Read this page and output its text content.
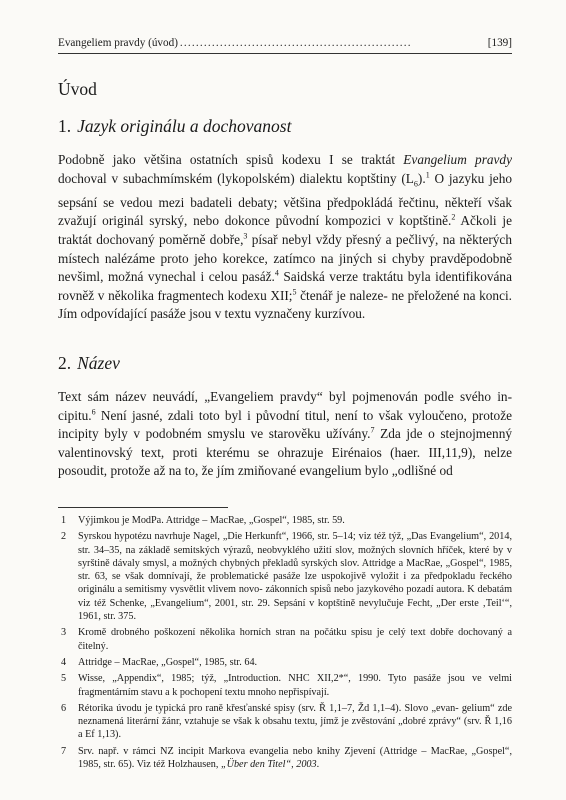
Evangeliem pravdy (úvod) ..........................................................	[139]
Úvod
1. Jazyk originálu a dochovanost

Podobně jako většina ostatních spisů kodexu I se traktát Evangelium pravdy dochoval v subachmímském (lykopolském) dialektu koptštiny $(L_6).^1$ O jazyku jeho sepsání se vedou mezi badateli debaty; většina předpokládá řečtinu, někteří však zvažují originál syrský, nebo dokonce původní kompozici v koptštině.$^2$ Ačkoli je traktát dochovaný poměrně dobře,$^3$ písař nebyl vždy přesný a pečlivý, na některých místech nalézáme proto jeho korekce, zatímco na jiných si chyby pravděpodobně nevšiml, možná vynechal i celou pasáž.$^4$ Saidská verze traktátu byla identifikována rovněž v několika fragmentech kodexu XII;$^5$ čtenář je naleze- ne přeložené na konci. Jím odpovídající pasáže jsou v textu vyznačeny kurzívou.

2. Název

Text sám název neuvádí, „Evangeliem pravdy“ byl pojmenován podle svého in- cipitu.$^6$ Není jasné, zdali toto byl i původní titul, není to však vyloučeno, protože incipity byly v podobném smyslu ve starověku užívány.$^7$ Zda jde o stejnojmenný valentinovský text, proti kterému se ohrazuje Eirénaios (haer. III,11,9), nelze posoudit, protože až na to, že jím zmiňované evangelium bylo „odlišné od

1	Výjimkou je ModPa. Attridge – MacRae, „Gospel“, 1985, str. 59.
2	Syrskou hypotézu navrhuje Nagel, „Die Herkunft“, 1966, str. 5–14; viz též týž, „Das Evangelium“, 2014, str. 34–35, na základě semitských výrazů, neobvyklého užití slov, možných slovních hříček, které by v syrštině dávaly smysl, a možných chybných překladů syrských slov. Attridge a MacRae, „Gospel“, 1985, str. 63, se však domnívají, že problematické pasáže lze uspokojivě vyložit i za předpokladu řeckého originálu a semitismy vysvětlit vlivem novo- zákonních spisů nebo jazykového pozadí autora. K debatám viz též Schenke, „Evangelium“, 2001, str. 29. Sepsání v koptštině nevylučuje Fecht, „Der erste ‚Teil‘“, 1961, str. 375.
3	Kromě drobného poškození několika horních stran na počátku spisu je celý text dobře dochovaný a čitelný.
4	Attridge – MacRae, „Gospel“, 1985, str. 64.
5	Wisse, „Appendix“, 1985; týž, „Introduction. NHC XII,2*“, 1990. Tyto pasáže jsou ve velmi fragmentárním stavu a k pochopení textu mnoho nepřispívají.
6	Rétorika úvodu je typická pro raně křesťanské spisy (srv. Ř 1,1–7, Žd 1,1–4). Slovo „evan- gelium“ zde neznamená literární žánr, vztahuje se však k obsahu textu, jímž je zvěstování „dobré zprávy“ (srv. Ř 1,16 a Ef 1,13).
7	Srv. např. v rámci NZ incipit Markova evangelia nebo knihy Zjevení (Attridge – MacRae, „Gospel“, 1985, str. 65). Viz též Holzhausen, „Über den Titel“, 2003.
